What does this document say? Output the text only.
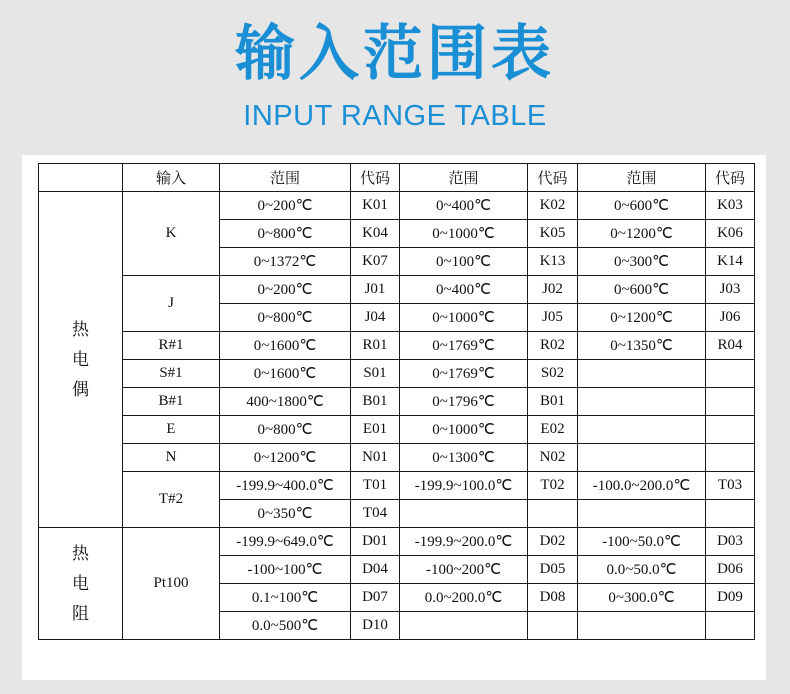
输入范围表
INPUT RANGE TABLE
	输入	范围	代码	范围	代码	范围	代码

热
电
偶	K	0~200℃	K01	0~400℃	K02	0~600℃	K03
		0~800℃	K04	0~1000℃	K05	0~1200℃	K06
		0~1372℃	K07	0~100℃	K13	0~300℃	K14
	J	0~200℃	J01	0~400℃	J02	0~600℃	J03
		0~800℃	J04	0~1000℃	J05	0~1200℃	J06
	R#1	0~1600℃	R01	0~1769℃	R02	0~1350℃	R04
	S#1	0~1600℃	S01	0~1769℃	S02		
	B#1	400~1800℃	B01	0~1796℃	B01		
	E	0~800℃	E01	0~1000℃	E02		
	N	0~1200℃	N01	0~1300℃	N02		
	T#2	-199.9~400.0℃	T01	-199.9~100.0℃	T02	-100.0~200.0℃	T03
		0~350℃	T04				

热
电
阻	Pt100	-199.9~649.0℃	D01	-199.9~200.0℃	D02	-100~50.0℃	D03
		-100~100℃	D04	-100~200℃	D05	0.0~50.0℃	D06
		0.1~100℃	D07	0.0~200.0℃	D08	0~300.0℃	D09
		0.0~500℃	D10				
